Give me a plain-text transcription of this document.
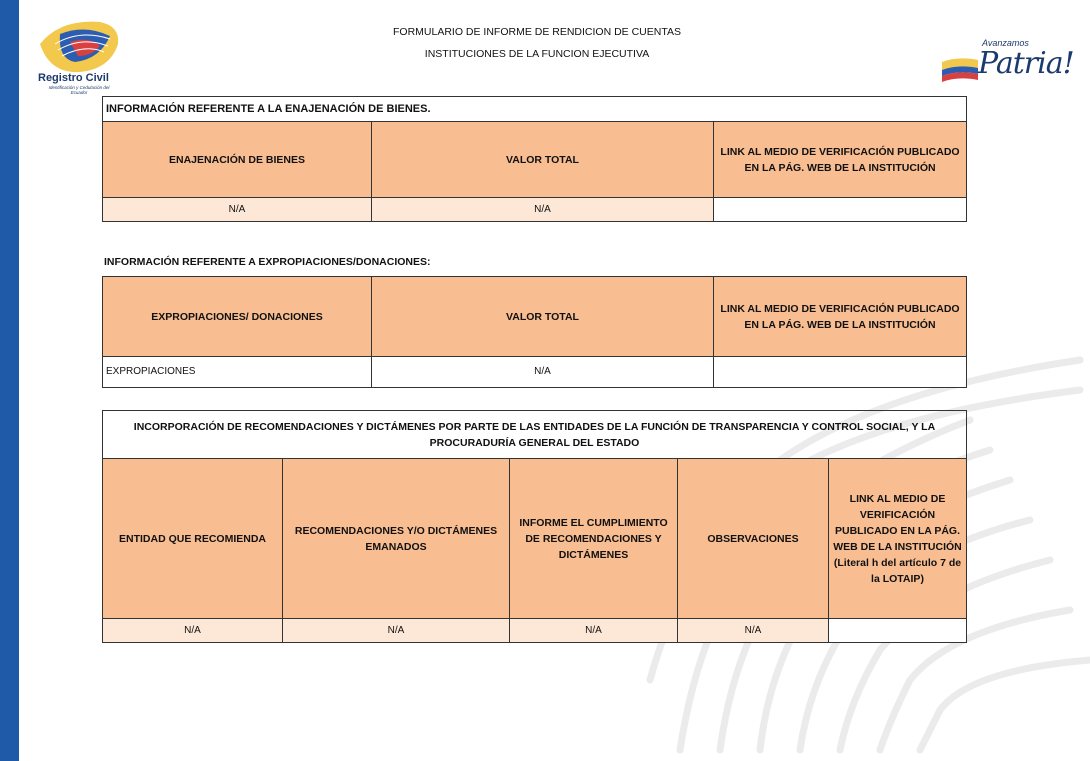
Registro Civil
Identificación y Cedulación del Ecuador
Avanzamos
Patria!
FORMULARIO DE INFORME DE RENDICION DE CUENTAS
INSTITUCIONES DE LA FUNCION EJECUTIVA
INFORMACIÓN REFERENTE A LA ENAJENACIÓN DE BIENES.		
ENAJENACIÓN DE BIENES	VALOR TOTAL	LINK AL MEDIO DE VERIFICACIÓN PUBLICADO EN LA PÁG. WEB DE LA INSTITUCIÓN
N/A	N/A	
INFORMACIÓN REFERENTE A EXPROPIACIONES/DONACIONES:
EXPROPIACIONES/ DONACIONES	VALOR TOTAL	LINK AL MEDIO DE VERIFICACIÓN PUBLICADO EN LA PÁG. WEB DE LA INSTITUCIÓN
EXPROPIACIONES	N/A	
INCORPORACIÓN DE RECOMENDACIONES Y DICTÁMENES POR PARTE DE LAS ENTIDADES DE LA FUNCIÓN DE TRANSPARENCIA Y CONTROL SOCIAL, Y LA PROCURADURÍA GENERAL DEL ESTADO				
ENTIDAD QUE RECOMIENDA	RECOMENDACIONES Y/O DICTÁMENES EMANADOS	INFORME EL CUMPLIMIENTO DE RECOMENDACIONES Y DICTÁMENES	OBSERVACIONES	LINK AL MEDIO DE VERIFICACIÓN PUBLICADO EN LA PÁG. WEB DE LA INSTITUCIÓN (Literal h del artículo 7 de la LOTAIP)
N/A	N/A	N/A	N/A	
